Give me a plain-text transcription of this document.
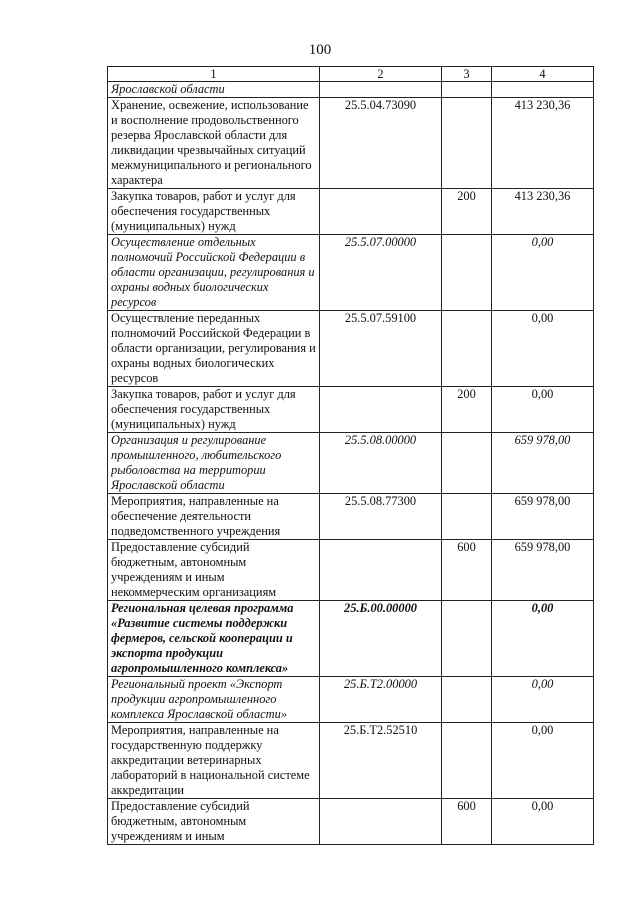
100
1	2	3	4
Ярославской области			
Хранение, освежение, использование и восполнение продовольственного резерва Ярославской области для ликвидации чрезвычайных ситуаций межмуниципального и регионального характера	25.5.04.73090		413 230,36
Закупка товаров, работ и услуг для обеспечения государственных (муниципальных) нужд		200	413 230,36
Осуществление отдельных полномочий Российской Федерации в области организации, регулирования и охраны водных биологических ресурсов	25.5.07.00000		0,00
Осуществление переданных полномочий Российской Федерации в области организации, регулирования и охраны водных биологических ресурсов	25.5.07.59100		0,00
Закупка товаров, работ и услуг для обеспечения государственных (муниципальных) нужд		200	0,00
Организация и регулирование промышленного, любительского рыболовства на территории Ярославской области	25.5.08.00000		659 978,00
Мероприятия, направленные на обеспечение деятельности подведомственного учреждения	25.5.08.77300		659 978,00
Предоставление субсидий бюджетным, автономным учреждениям и иным некоммерческим организациям		600	659 978,00
Региональная целевая программа «Развитие системы поддержки фермеров, сельской кооперации и экспорта продукции агропромышленного комплекса»	25.Б.00.00000		0,00
Региональный проект «Экспорт продукции агропромышленного комплекса Ярославской области»	25.Б.Т2.00000		0,00
Мероприятия, направленные на государственную поддержку аккредитации ветеринарных лабораторий в национальной системе аккредитации	25.Б.Т2.52510		0,00
Предоставление субсидий бюджетным, автономным учреждениям и иным		600	0,00
